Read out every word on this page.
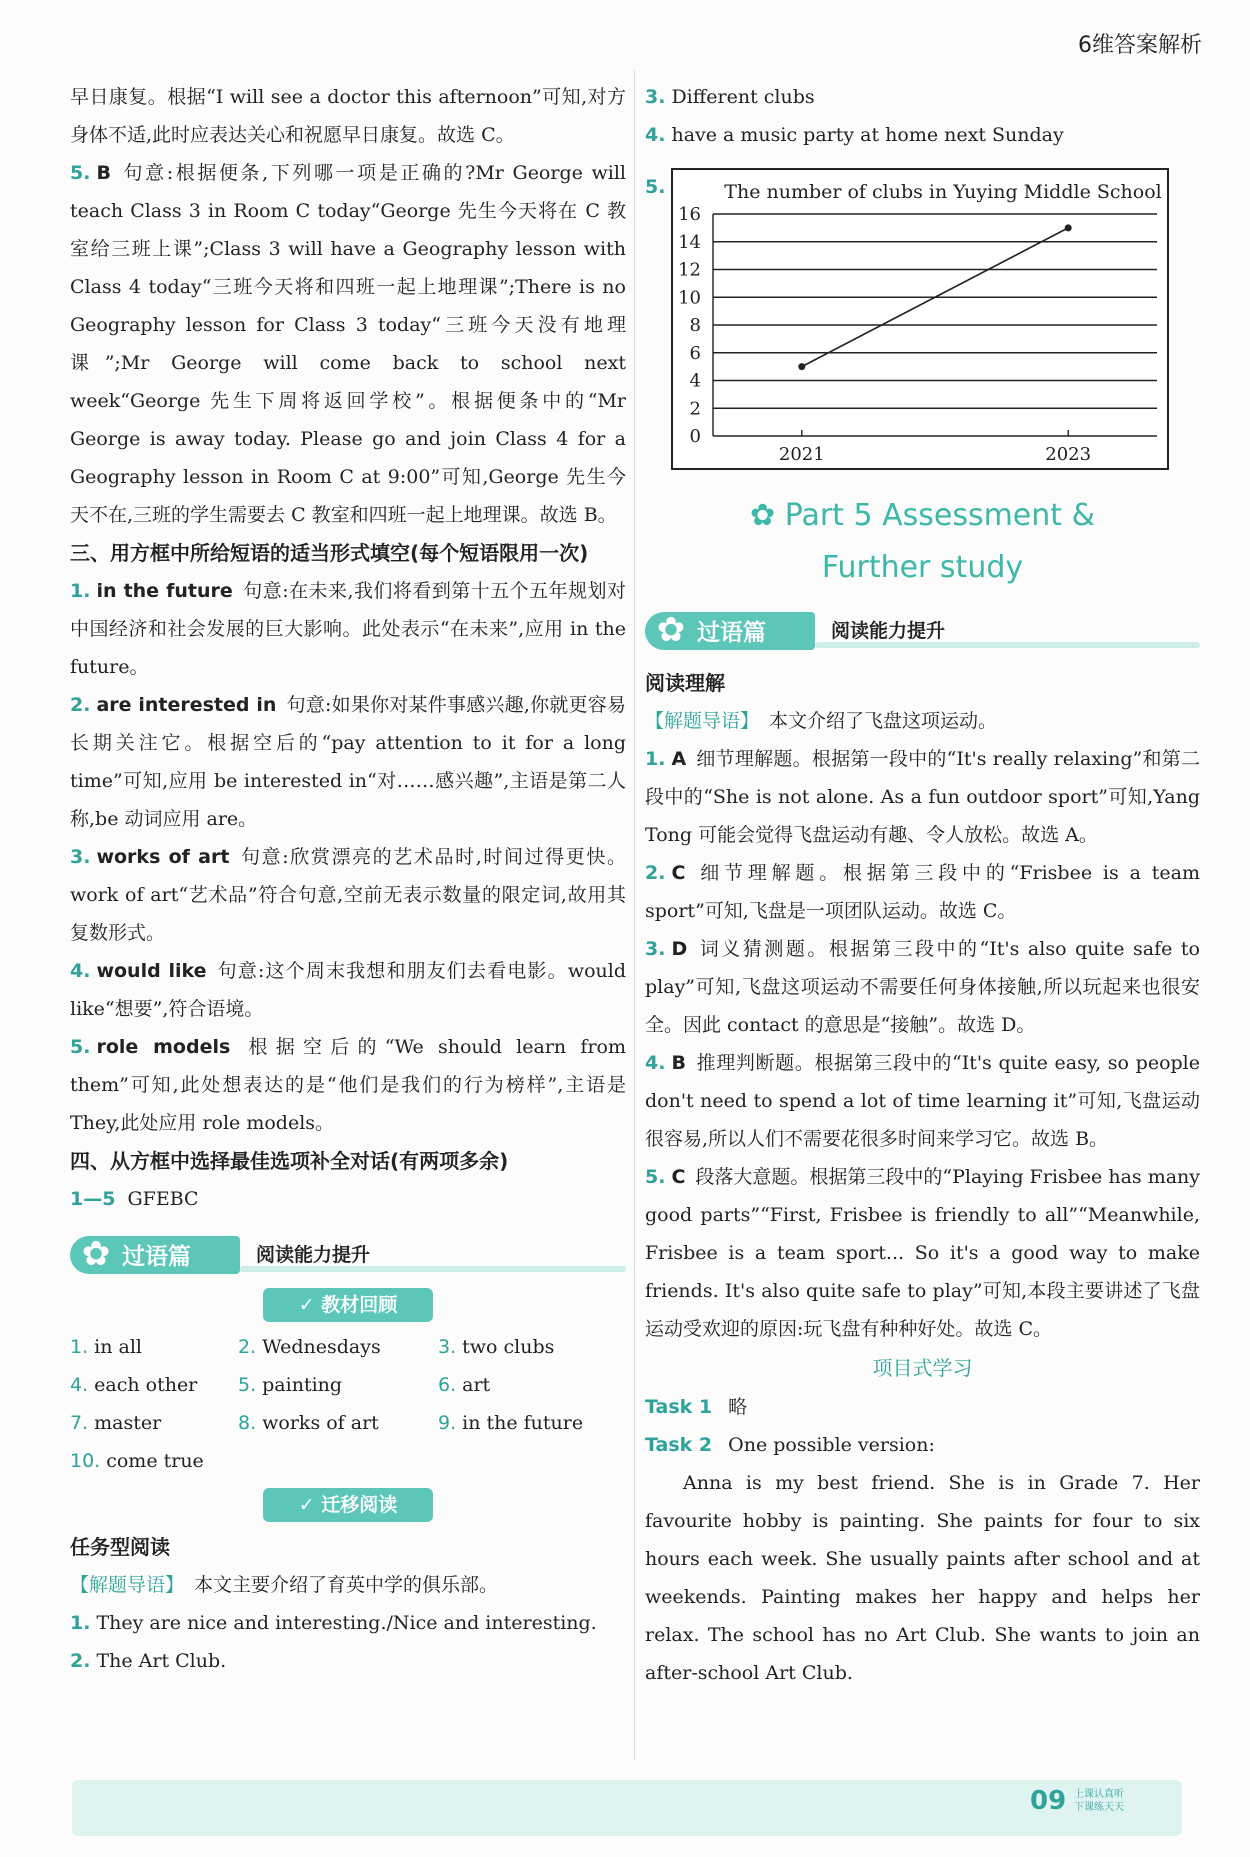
6维答案解析

早日康复。根据“I will see a doctor this afternoon”可知,对方身体不适,此时应表达关心和祝愿早日康复。故选 C。

5. B 句意:根据便条,下列哪一项是正确的?Mr George will teach Class 3 in Room C today“George 先生今天将在 C 教室给三班上课”;Class 3 will have a Geography lesson with Class 4 today“三班今天将和四班一起上地理课”;There is no Geography lesson for Class 3 today“三班今天没有地理课”;Mr George will come back to school next week“George 先生下周将返回学校”。根据便条中的“Mr George is away today. Please go and join Class 4 for a Geography lesson in Room C at 9:00”可知,George 先生今天不在,三班的学生需要去 C 教室和四班一起上地理课。故选 B。

三、用方框中所给短语的适当形式填空(每个短语限用一次)

1. in the future 句意:在未来,我们将看到第十五个五年规划对中国经济和社会发展的巨大影响。此处表示“在未来”,应用 in the future。

2. are interested in 句意:如果你对某件事感兴趣,你就更容易长期关注它。根据空后的“pay attention to it for a long time”可知,应用 be interested in“对……感兴趣”,主语是第二人称,be 动词应用 are。

3. works of art 句意:欣赏漂亮的艺术品时,时间过得更快。work of art“艺术品”符合句意,空前无表示数量的限定词,故用其复数形式。

4. would like 句意:这个周末我想和朋友们去看电影。would like“想要”,符合语境。

5. role models 根据空后的“We should learn from them”可知,此处想表达的是“他们是我们的行为榜样”,主语是 They,此处应用 role models。

四、从方框中选择最佳选项补全对话(有两项多余)

1—5 GFEBC

✿ 过语篇	阅读能力提升
✓ 教材回顾
1. in all	2. Wednesdays	3. two clubs
4. each other	5. painting	6. art
7. master	8. works of art	9. in the future
10. come true
✓ 迁移阅读

任务型阅读

【解题导语】 本文主要介绍了育英中学的俱乐部。

1. They are nice and interesting./Nice and interesting.

2. The Art Club.

3. Different clubs

4. have a music party at home next Sunday

5.	The number of clubs in Yuying Middle School
0
2
4
6
8
10
12
14
16
2021	2023
✿ Part 5 Assessment &
Further study
✿ 过语篇	阅读能力提升

阅读理解

【解题导语】 本文介绍了飞盘这项运动。

1. A 细节理解题。根据第一段中的“It's really relaxing”和第二段中的“She is not alone. As a fun outdoor sport”可知,Yang Tong 可能会觉得飞盘运动有趣、令人放松。故选 A。

2. C 细节理解题。根据第三段中的“Frisbee is a team sport”可知,飞盘是一项团队运动。故选 C。

3. D 词义猜测题。根据第三段中的“It's also quite safe to play”可知,飞盘这项运动不需要任何身体接触,所以玩起来也很安全。因此 contact 的意思是“接触”。故选 D。

4. B 推理判断题。根据第三段中的“It's quite easy, so people don't need to spend a lot of time learning it”可知,飞盘运动很容易,所以人们不需要花很多时间来学习它。故选 B。

5. C 段落大意题。根据第三段中的“Playing Frisbee has many good parts”“First, Frisbee is friendly to all”“Meanwhile, Frisbee is a team sport... So it's a good way to make friends. It's also quite safe to play”可知,本段主要讲述了飞盘运动受欢迎的原因:玩飞盘有种种好处。故选 C。

项目式学习

Task 1 略

Task 2 One possible version:

Anna is my best friend. She is in Grade 7. Her favourite hobby is painting. She paints for four to six hours each week. She usually paints after school and at weekends. Painting makes her happy and helps her relax. The school has no Art Club. She wants to join an after-school Art Club.

09 上课认真听
下课练天天
